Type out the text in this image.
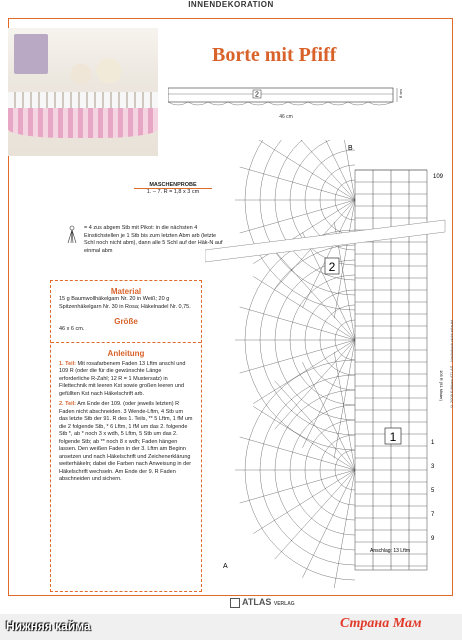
INNENDEKORATION
Borte mit Pfiff
2	6 cm
46 cm
MASCHENPROBE
1. – 7. R = 1,8 x 3 cm
= 4 zus abgem Stb mit Pikot: in die nächsten 4 Einstichstellen je 1 Stb bis zum letzten Abm arb (letzte Schl noch nicht abm), dann alle 5 Schl auf der Häk-N auf einmal abm
Material
15 g Baumwollhäkelgarn Nr. 20 in Weiß; 20 g Spitzenhäkelgarn Nr. 30 in Rosa; Häkelnadel Nr. 0,75.
Größe
46 x 6 cm.
Anleitung
1. Teil: Mit rosafarbenem Faden 13 Lftm anschl und 109 R (oder die für die gewünschte Länge erforderliche R-Zahl; 12 R = 1 Mustersatz) in Filettechnik mit leeren Kst sowie großen leeren und gefüllten Kst nach Häkelschrift arb.
2. Teil: Am Ende der 109. (oder jeweils letzten) R Faden nicht abschneiden. 3 Wende-Lftm, 4 Stb um das letzte Stb der 91. R des 1. Teils, ** 5 Lftm, 1 fM um die 2 folgende Stb, * 6 Lftm, 1 fM um das 2. folgende Stb *, ab * noch 3 x wdh, 5 Lftm, 5 Stb um das 2. folgende Stb; ab ** noch 8 x wdh; Faden hängen lassen. Den weißen Faden in der 3. Lftm am Beginn ansetzen und nach Häkelschrift und Zeichenerklärung weiterhäkeln; dabei die Farben nach Anweisung in der Häkelschrift wechseln. Am Ende der 9. R Faden abschneiden und sichern.
2
1
B
A
109
109 R (91 Mister)
Anschlag: 13 Lftm
9
7
5
3
1
© 2008 Editions ATLAS · Nachdruck nicht erlaubt
ATLAS VERLAG
Нижняя кайма	Страна Мам
